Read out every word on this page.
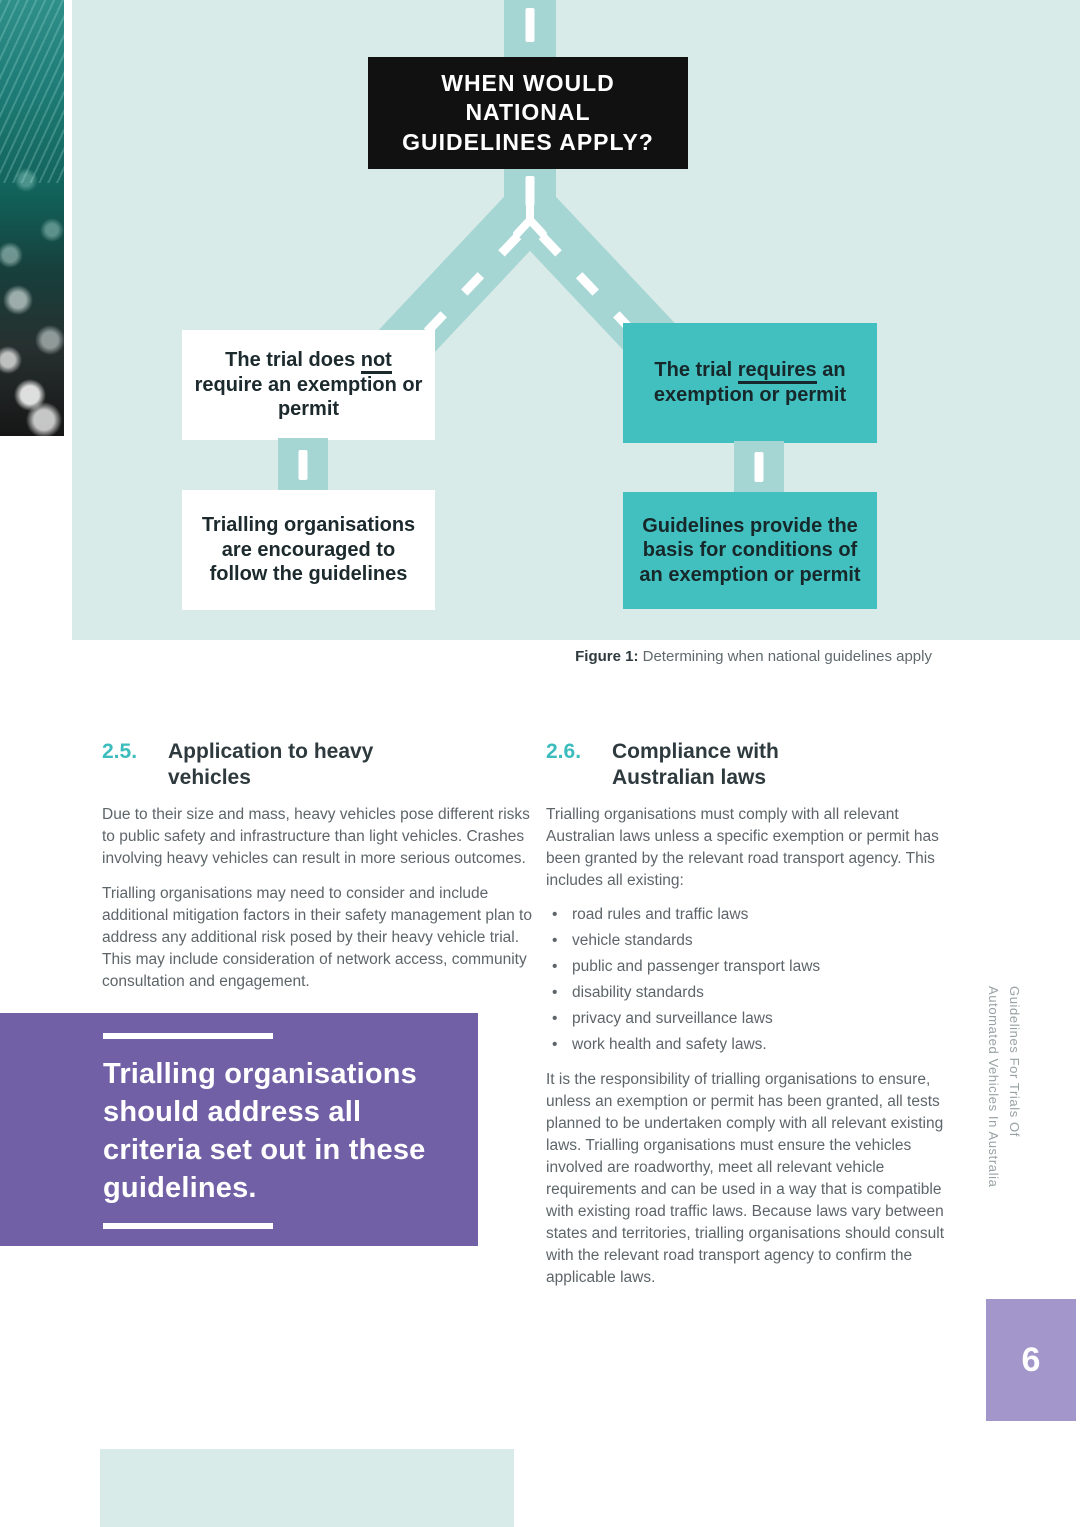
WHEN WOULD NATIONAL GUIDELINES APPLY?
The trial does not require an exemption or permit
The trial requires an exemption or permit
Trialling organisations are encouraged to follow the guidelines
Guidelines provide the basis for conditions of an exemption or permit
Figure 1: Determining when national guidelines apply
2.5.	Application to heavy vehicles

Due to their size and mass, heavy vehicles pose different risks to public safety and infrastructure than light vehicles. Crashes involving heavy vehicles can result in more serious outcomes.

Trialling organisations may need to consider and include additional mitigation factors in their safety management plan to address any additional risk posed by their heavy vehicle trial. This may include consideration of network access, community consultation and engagement.

2.6.	Compliance with Australian laws

Trialling organisations must comply with all relevant Australian laws unless a specific exemption or permit has been granted by the relevant road transport agency. This includes all existing:

• road rules and traffic laws
• vehicle standards
• public and passenger transport laws
• disability standards
• privacy and surveillance laws
• work health and safety laws.

It is the responsibility of trialling organisations to ensure, unless an exemption or permit has been granted, all tests planned to be undertaken comply with all relevant existing laws. Trialling organisations must ensure the vehicles involved are roadworthy, meet all relevant vehicle requirements and can be used in a way that is compatible with existing road traffic laws. Because laws vary between states and territories, trialling organisations should consult with the relevant road transport agency to confirm the applicable laws.

Trialling organisations should address all criteria set out in these guidelines.
Guidelines For Trials Of
Automated Vehicles In Australia
6
